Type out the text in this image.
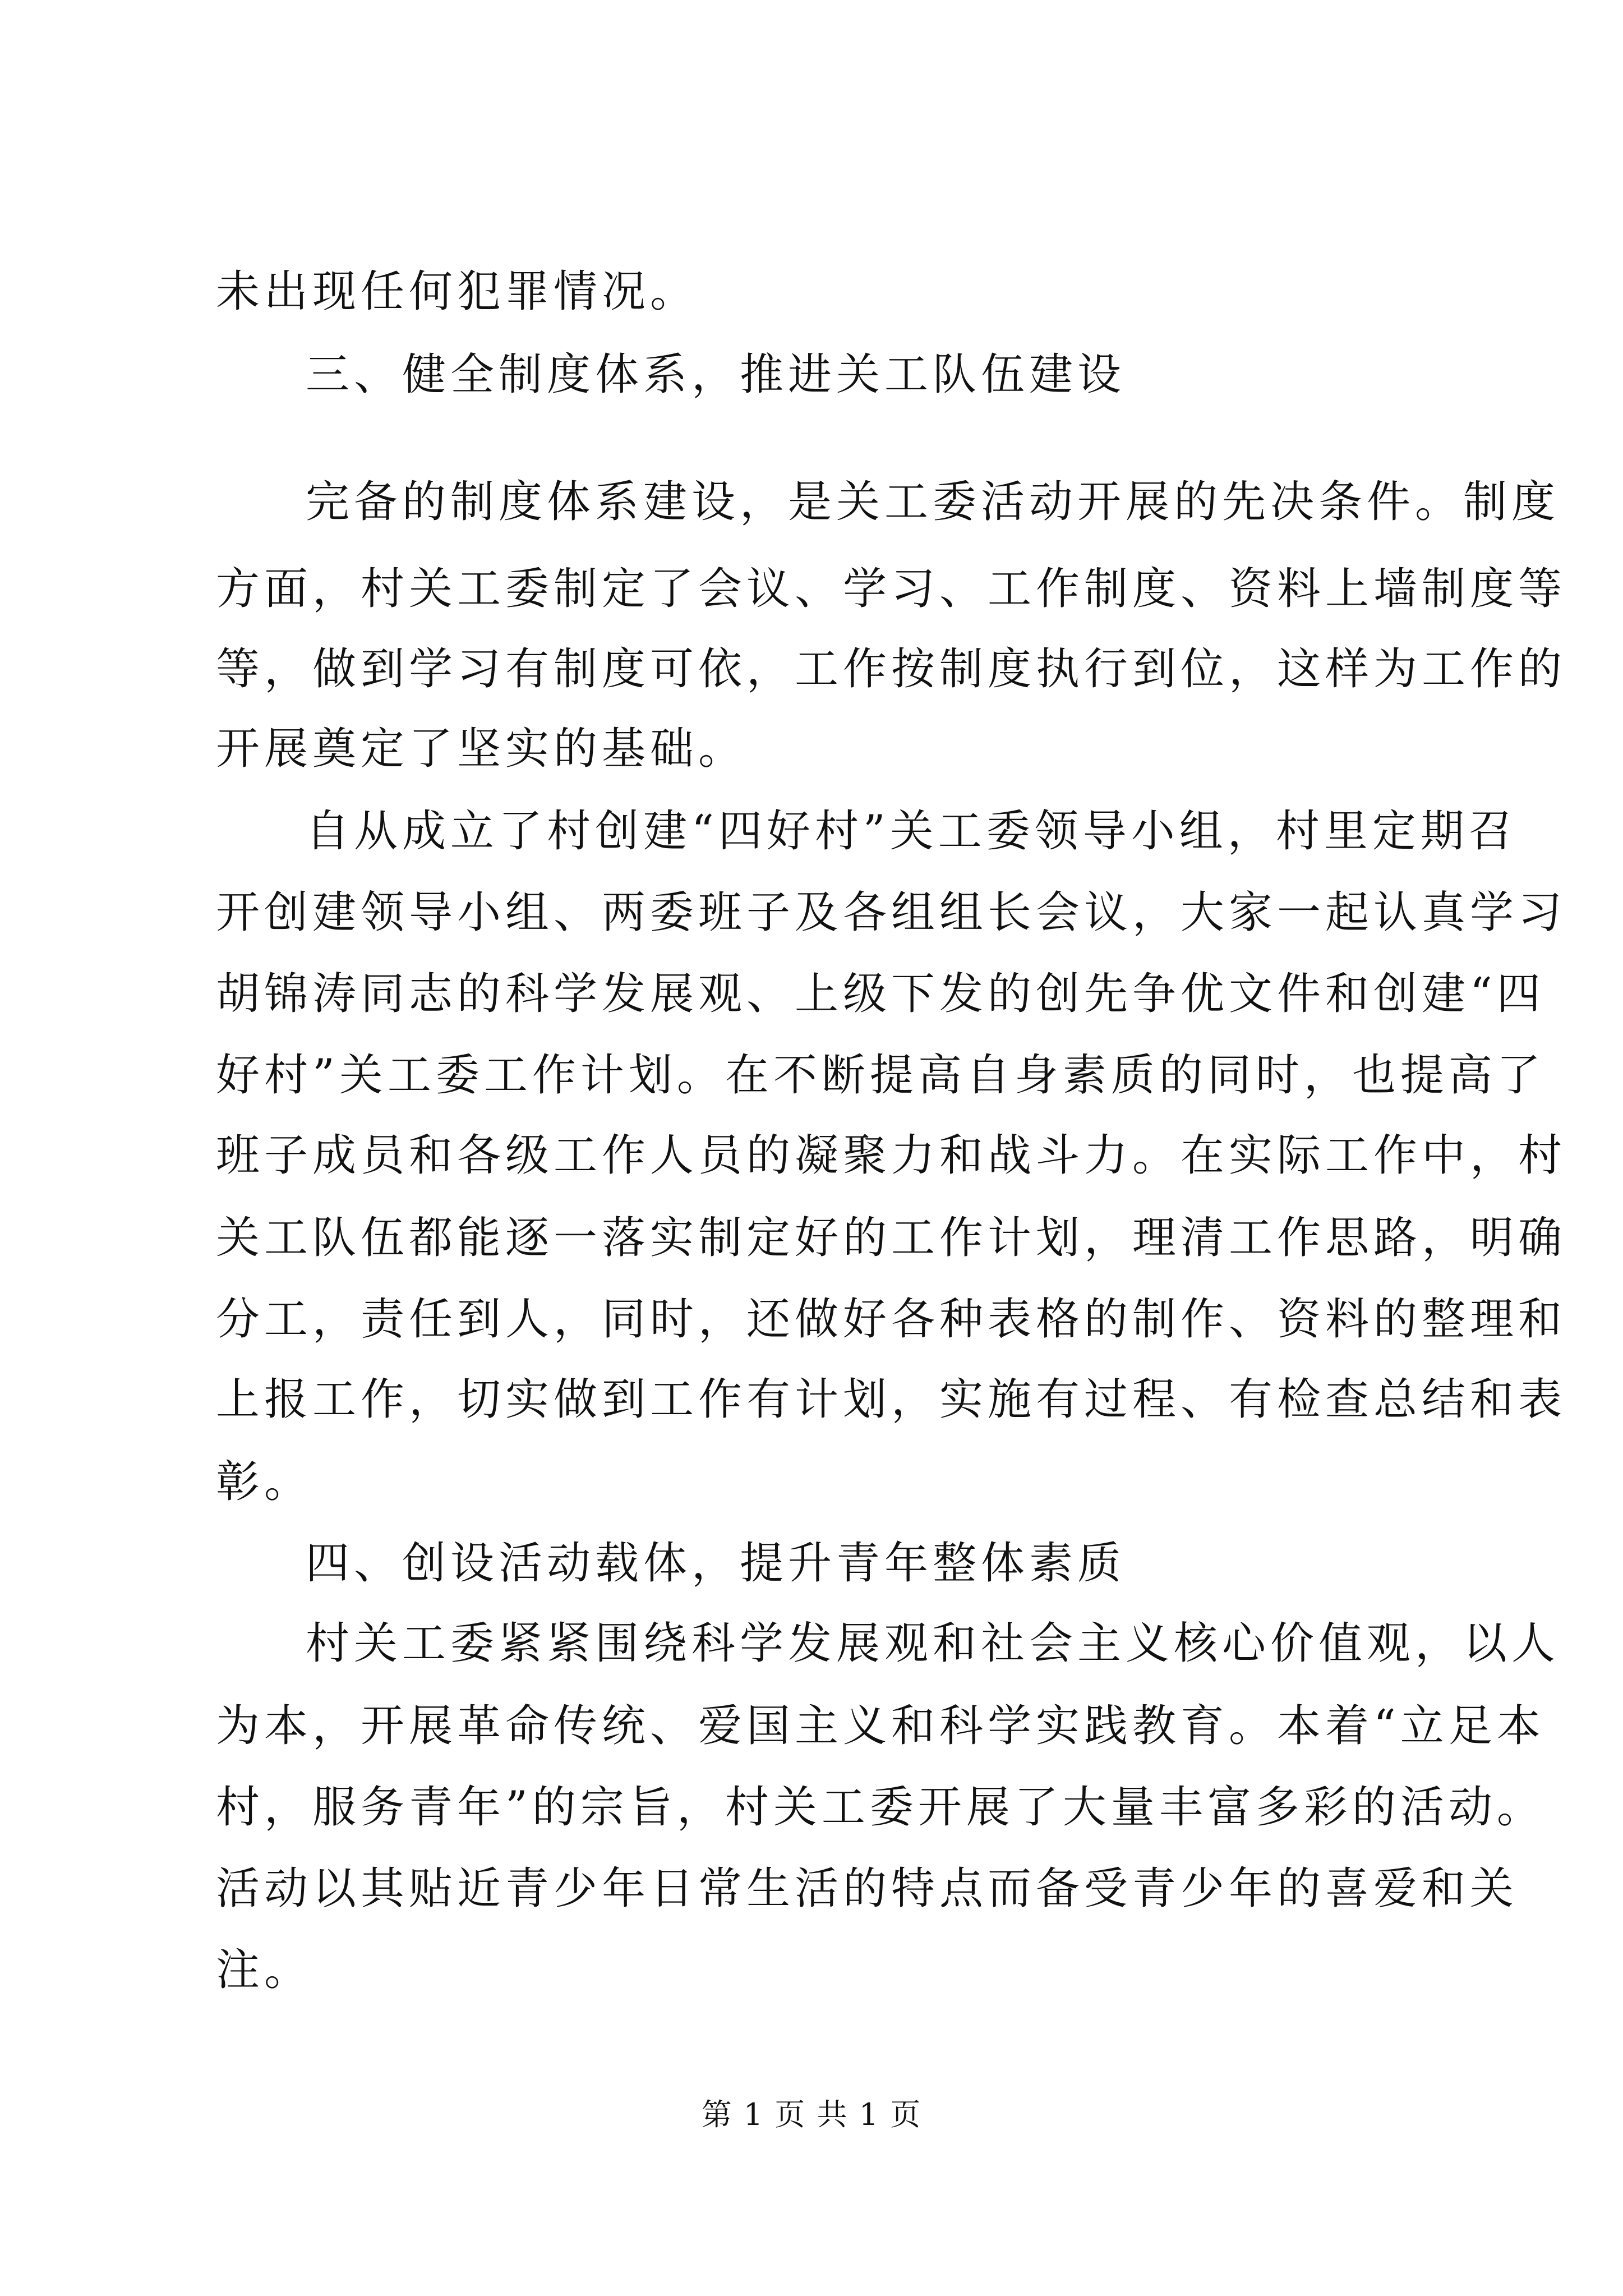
未出现任何犯罪情况。
三、健全制度体系，推进关工队伍建设
完备的制度体系建设，是关工委活动开展的先决条件。制度
方面，村关工委制定了会议、学习、工作制度、资料上墙制度等
等，做到学习有制度可依，工作按制度执行到位，这样为工作的
开展奠定了坚实的基础。
自从成立了村创建“四好村”关工委领导小组，村里定期召
开创建领导小组、两委班子及各组组长会议，大家一起认真学习
胡锦涛同志的科学发展观、上级下发的创先争优文件和创建“四
好村”关工委工作计划。在不断提高自身素质的同时，也提高了
班子成员和各级工作人员的凝聚力和战斗力。在实际工作中，村
关工队伍都能逐一落实制定好的工作计划，理清工作思路，明确
分工，责任到人，同时，还做好各种表格的制作、资料的整理和
上报工作，切实做到工作有计划，实施有过程、有检查总结和表
彰。
四、创设活动载体，提升青年整体素质
村关工委紧紧围绕科学发展观和社会主义核心价值观，以人
为本，开展革命传统、爱国主义和科学实践教育。本着“立足本
村，服务青年”的宗旨，村关工委开展了大量丰富多彩的活动。
活动以其贴近青少年日常生活的特点而备受青少年的喜爱和关
注。
第 1 页 共 1 页
